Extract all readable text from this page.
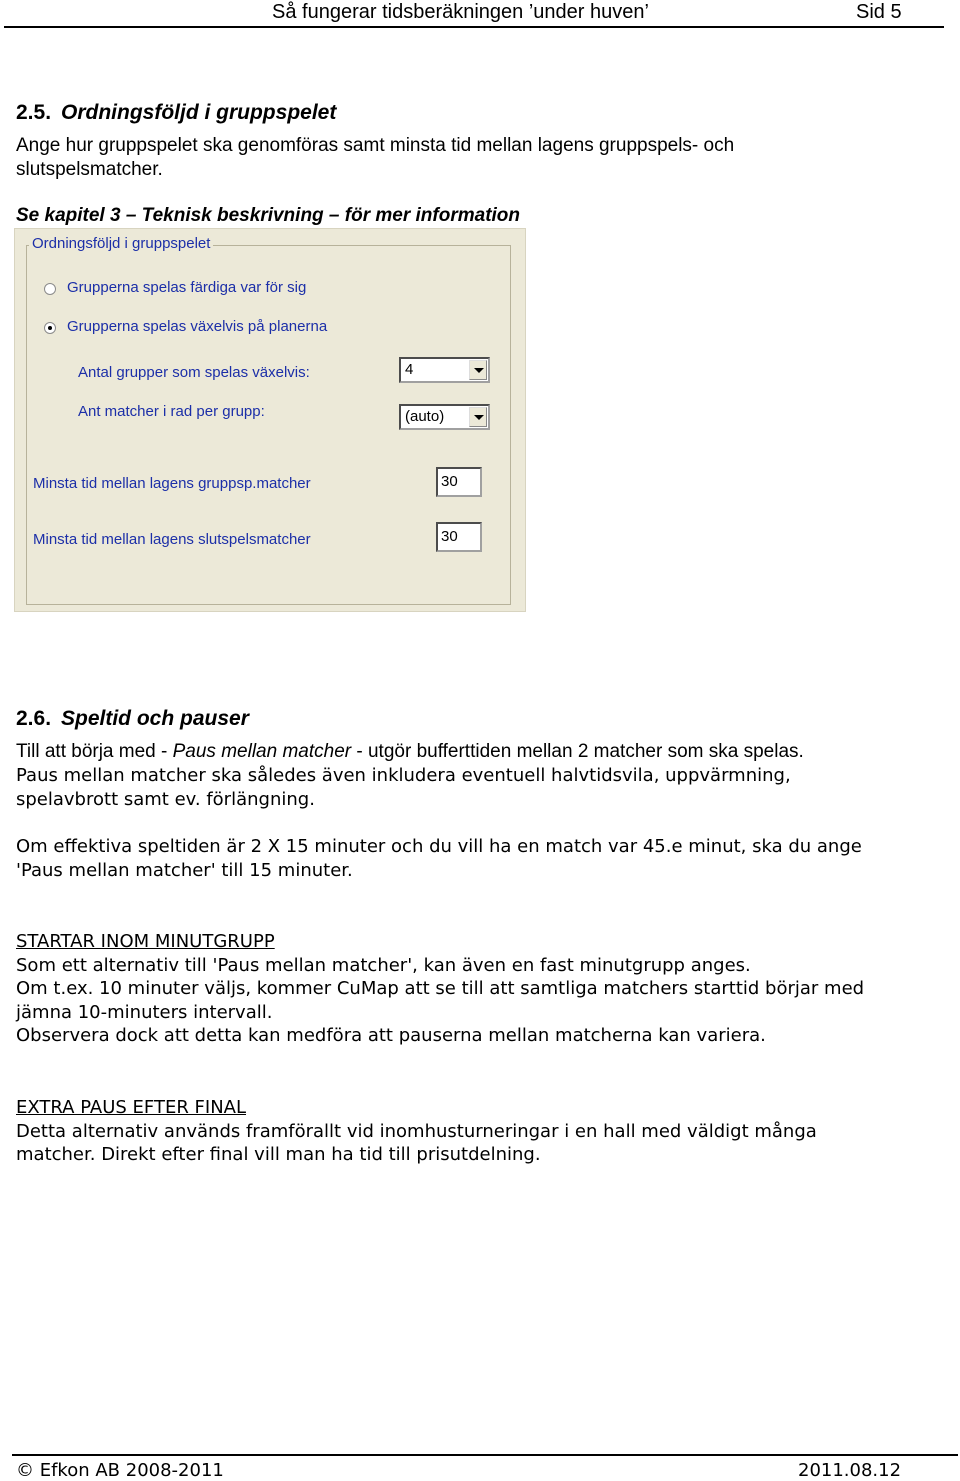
Så fungerar tidsberäkningen ’under huven’	Sid 5
2.5. Ordningsföljd i gruppspelet
Ange hur gruppspelet ska genomföras samt minsta tid mellan lagens gruppspels- och
slutspelsmatcher.
Se kapitel 3 – Teknisk beskrivning – för mer information
Ordningsföljd i gruppspelet
Grupperna spelas färdiga var för sig
Grupperna spelas växelvis på planerna
Antal grupper som spelas växelvis:	4
Ant matcher i rad per grupp:	(auto)
Minsta tid mellan lagens gruppsp.matcher	30
Minsta tid mellan lagens slutspelsmatcher	30
2.6. Speltid och pauser
Till att börja med - Paus mellan matcher - utgör bufferttiden mellan 2 matcher som ska spelas.
Paus mellan matcher ska således även inkludera eventuell halvtidsvila, uppvärmning,
spelavbrott samt ev. förlängning.
Om effektiva speltiden är 2 X 15 minuter och du vill ha en match var 45.e minut, ska du ange
'Paus mellan matcher' till 15 minuter.
STARTAR INOM MINUTGRUPP
Som ett alternativ till 'Paus mellan matcher', kan även en fast minutgrupp anges.
Om t.ex. 10 minuter väljs, kommer CuMap att se till att samtliga matchers starttid börjar med
jämna 10-minuters intervall.
Observera dock att detta kan medföra att pauserna mellan matcherna kan variera.
EXTRA PAUS EFTER FINAL
Detta alternativ används framförallt vid inomhusturneringar i en hall med väldigt många
matcher. Direkt efter final vill man ha tid till prisutdelning.
© Efkon AB 2008-2011	2011.08.12
